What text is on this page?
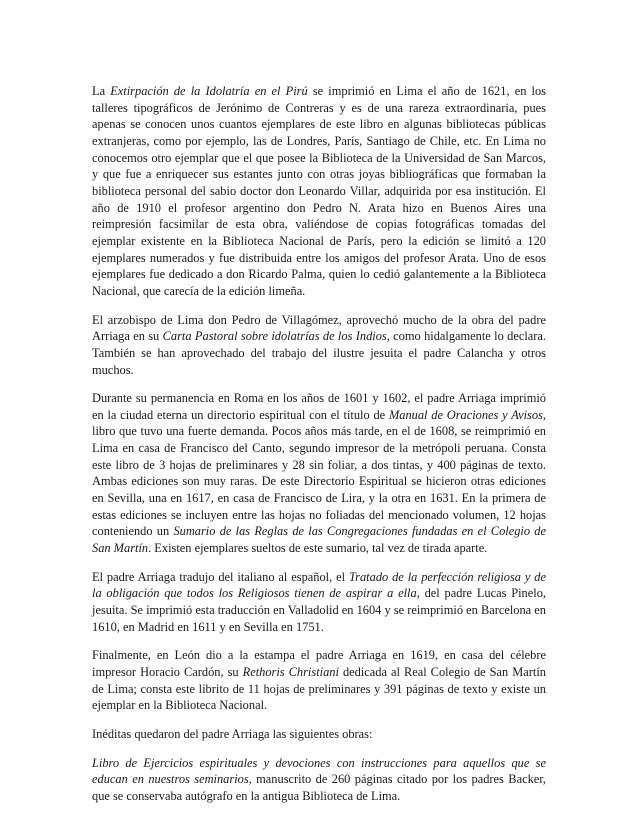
La Extirpación de la Idolatría en el Pirú se imprimió en Lima el año de 1621, en los talleres tipográficos de Jerónimo de Contreras y es de una rareza extraordinaria, pues apenas se conocen unos cuantos ejemplares de este libro en algunas bibliotecas públicas extranjeras, como por ejemplo, las de Londres, París, Santiago de Chile, etc. En Lima no conocemos otro ejemplar que el que posee la Biblioteca de la Universidad de San Marcos, y que fue a enriquecer sus estantes junto con otras joyas bibliográficas que formaban la biblioteca personal del sabio doctor don Leonardo Villar, adquirida por esa institución. El año de 1910 el profesor argentino don Pedro N. Arata hizo en Buenos Aires una reimpresión facsimilar de esta obra, valiéndose de copias fotográficas tomadas del ejemplar existente en la Biblioteca Nacional de París, pero la edición se limitó a 120 ejemplares numerados y fue distribuida entre los amigos del profesor Arata. Uno de esos ejemplares fue dedicado a don Ricardo Palma, quien lo cedió galantemente a la Biblioteca Nacional, que carecía de la edición limeña.

El arzobispo de Lima don Pedro de Villagómez, aprovechó mucho de la obra del padre Arriaga en su Carta Pastoral sobre idolatrías de los Indios, como hidalgamente lo declara. También se han aprovechado del trabajo del ilustre jesuita el padre Calancha y otros muchos.

Durante su permanencia en Roma en los años de 1601 y 1602, el padre Arriaga imprimió en la ciudad eterna un directorio espiritual con el título de Manual de Oraciones y Avisos, libro que tuvo una fuerte demanda. Pocos años más tarde, en el de 1608, se reimprimió en Lima en casa de Francisco del Canto, segundo impresor de la metrópoli peruana. Consta este libro de 3 hojas de preliminares y 28 sin foliar, a dos tintas, y 400 páginas de texto. Ambas ediciones son muy raras. De este Directorio Espiritual se hicieron otras ediciones en Sevilla, una en 1617, en casa de Francisco de Lira, y la otra en 1631. En la primera de estas ediciones se incluyen entre las hojas no foliadas del mencionado volumen, 12 hojas conteniendo un Sumario de las Reglas de las Congregaciones fundadas en el Colegio de San Martín. Existen ejemplares sueltos de este sumario, tal vez de tirada aparte.

El padre Arriaga tradujo del italiano al español, el Tratado de la perfección religiosa y de la obligación que todos los Religiosos tienen de aspirar a ella, del padre Lucas Pinelo, jesuita. Se imprimió esta traducción en Valladolid en 1604 y se reimprimió en Barcelona en 1610, en Madrid en 1611 y en Sevilla en 1751.

Finalmente, en León dio a la estampa el padre Arriaga en 1619, en casa del célebre impresor Horacio Cardón, su Rethoris Christiani dedicada al Real Colegio de San Martín de Lima; consta este librito de 11 hojas de preliminares y 391 páginas de texto y existe un ejemplar en la Biblioteca Nacional.

Inéditas quedaron del padre Arriaga las siguientes obras:

Libro de Ejercicios espirituales y devociones con instrucciones para aquellos que se educan en nuestros seminarios, manuscrito de 260 páginas citado por los padres Backer, que se conservaba autógrafo en la antigua Biblioteca de Lima.
